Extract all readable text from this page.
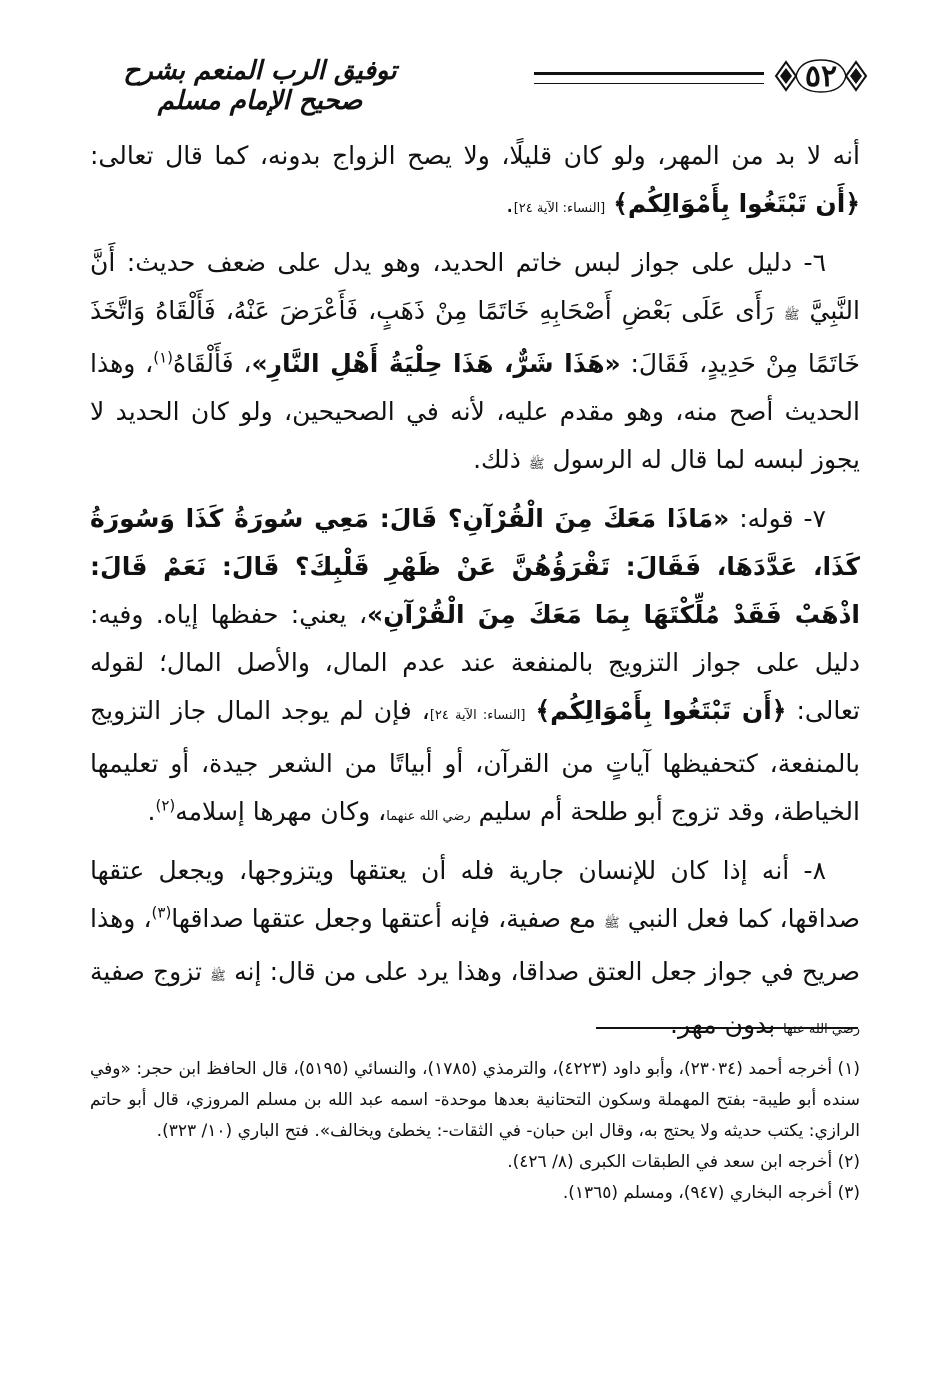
٥٢
توفيق الرب المنعم بشرح صحيح الإمام مسلم

أنه لا بد من المهر، ولو كان قليلًا، ولا يصح الزواج بدونه، كما قال تعالى: ﴿أَن تَبْتَغُوا بِأَمْوَالِكُم﴾ [النساء: الآية ٢٤].

٦- دليل على جواز لبس خاتم الحديد، وهو يدل على ضعف حديث: أَنَّ النَّبِيَّ ﷺ رَأَى عَلَى بَعْضِ أَصْحَابِهِ خَاتَمًا مِنْ ذَهَبٍ، فَأَعْرَضَ عَنْهُ، فَأَلْقَاهُ وَاتَّخَذَ خَاتَمًا مِنْ حَدِيدٍ، فَقَالَ: «هَذَا شَرٌّ، هَذَا حِلْيَةُ أَهْلِ النَّارِ»، فَأَلْقَاهُ$^{(١)}$، وهذا الحديث أصح منه، وهو مقدم عليه، لأنه في الصحيحين، ولو كان الحديد لا يجوز لبسه لما قال له الرسول ﷺ ذلك.

٧- قوله: «مَاذَا مَعَكَ مِنَ الْقُرْآنِ؟ قَالَ: مَعِي سُورَةُ كَذَا وَسُورَةُ كَذَا، عَدَّدَهَا، فَقَالَ: تَقْرَؤُهُنَّ عَنْ ظَهْرِ قَلْبِكَ؟ قَالَ: نَعَمْ قَالَ: اذْهَبْ فَقَدْ مُلِّكْتَهَا بِمَا مَعَكَ مِنَ الْقُرْآنِ»، يعني: حفظها إياه. وفيه: دليل على جواز التزويج بالمنفعة عند عدم المال، والأصل المال؛ لقوله تعالى: ﴿أَن تَبْتَغُوا بِأَمْوَالِكُم﴾ [النساء: الآية ٢٤]، فإن لم يوجد المال جاز التزويج بالمنفعة، كتحفيظها آياتٍ من القرآن، أو أبياتًا من الشعر جيدة، أو تعليمها الخياطة، وقد تزوج أبو طلحة أم سليم رضي الله عنهما، وكان مهرها إسلامه$^{(٢)}$.

٨- أنه إذا كان للإنسان جارية فله أن يعتقها ويتزوجها، ويجعل عتقها صداقها، كما فعل النبي ﷺ مع صفية، فإنه أعتقها وجعل عتقها صداقها$^{(٣)}$، وهذا صريح في جواز جعل العتق صداقا، وهذا يرد على من قال: إنه ﷺ تزوج صفية رضي الله عنها بدون مهر.

(١) أخرجه أحمد (٢٣٠٣٤)، وأبو داود (٤٢٢٣)، والترمذي (١٧٨٥)، والنسائي (٥١٩٥)، قال الحافظ ابن حجر: «وفي سنده أبو طيبة- بفتح المهملة وسكون التحتانية بعدها موحدة- اسمه عبد الله بن مسلم المروزي، قال أبو حاتم الرازي: يكتب حديثه ولا يحتج به، وقال ابن حبان- في الثقات-: يخطئ ويخالف». فتح الباري (١٠/ ٣٢٣).

(٢) أخرجه ابن سعد في الطبقات الكبرى (٨/ ٤٢٦).

(٣) أخرجه البخاري (٩٤٧)، ومسلم (١٣٦٥).
